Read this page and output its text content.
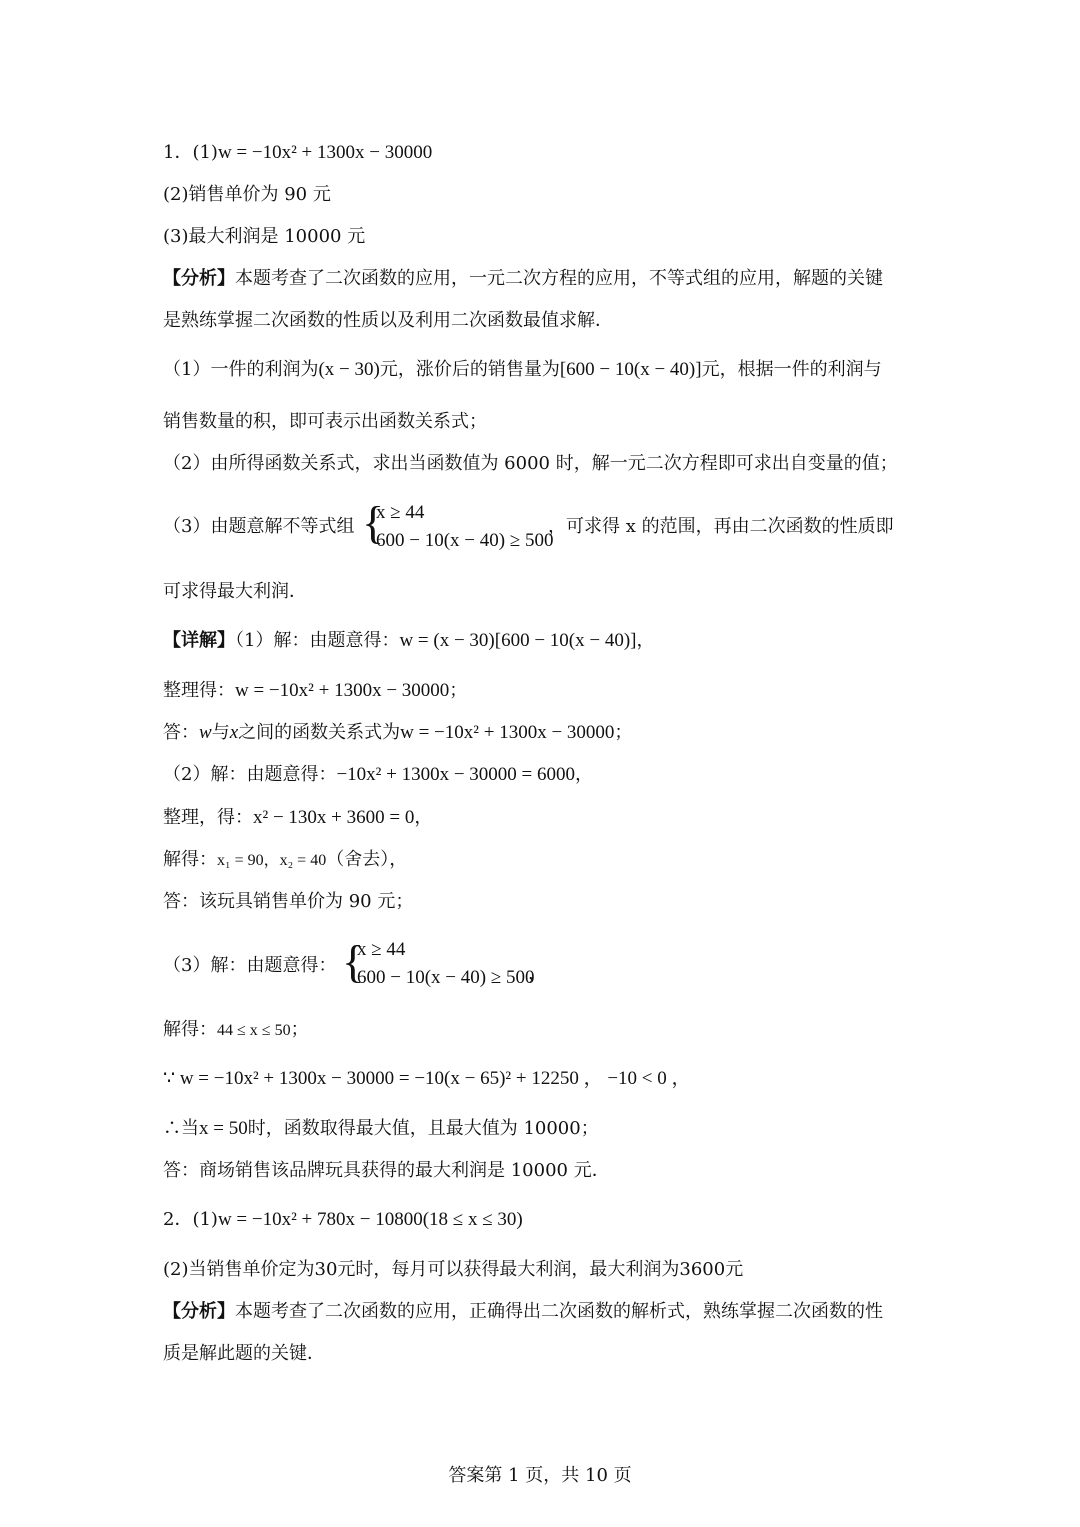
1．(1)w = −10x² + 1300x − 30000
(2)销售单价为 90 元
(3)最大利润是 10000 元
【分析】本题考查了二次函数的应用，一元二次方程的应用，不等式组的应用，解题的关键
是熟练掌握二次函数的性质以及利用二次函数最值求解．
（1）一件的利润为(x − 30)元，涨价后的销售量为[600 − 10(x − 40)]元，根据一件的利润与
销售数量的积，即可表示出函数关系式；
（2）由所得函数关系式，求出当函数值为 6000 时，解一元二次方程即可求出自变量的值；
（3）由题意解不等式组 {
x ≥ 44
600 − 10(x − 40) ≥ 500
，可求得 x 的范围，再由二次函数的性质即
可求得最大利润．
【详解】（1）解：由题意得：w = (x − 30)[600 − 10(x − 40)]，
整理得：w = −10x² + 1300x − 30000；
答：w与x之间的函数关系式为w = −10x² + 1300x − 30000；
（2）解：由题意得：−10x² + 1300x − 30000 = 6000，
整理，得：x² − 130x + 3600 = 0，
解得：x₁ = 90，x₂ = 40（舍去），
答：该玩具销售单价为 90 元；
（3）解：由题意得： {
x ≥ 44
600 − 10(x − 40) ≥ 500
，
解得：44 ≤ x ≤ 50；
∵ w = −10x² + 1300x − 30000 = −10(x − 65)² + 12250 ， −10 < 0 ，
∴当x = 50时，函数取得最大值，且最大值为 10000；
答：商场销售该品牌玩具获得的最大利润是 10000 元．
2．(1)w = −10x² + 780x − 10800(18 ≤ x ≤ 30)
(2)当销售单价定为30元时，每月可以获得最大利润，最大利润为3600元
【分析】本题考查了二次函数的应用，正确得出二次函数的解析式，熟练掌握二次函数的性
质是解此题的关键．
答案第 1 页，共 10 页
